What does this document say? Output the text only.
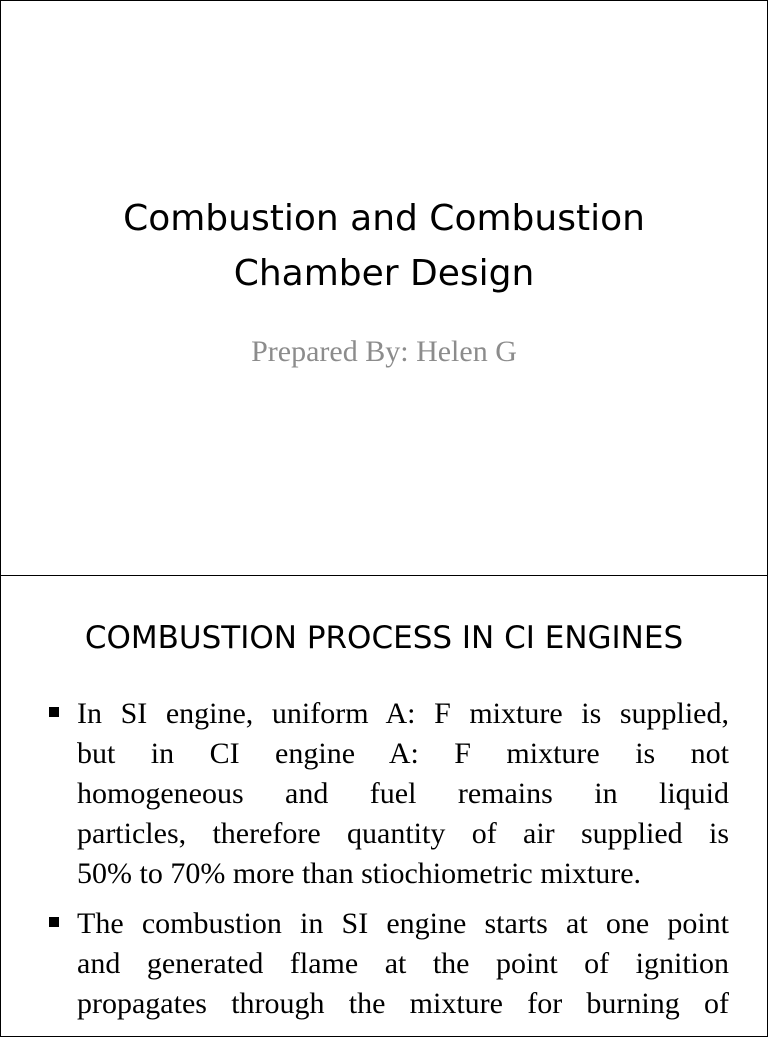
Combustion and Combustion
Chamber Design
Prepared By: Helen G
COMBUSTION PROCESS IN CI ENGINES
In SI engine, uniform A: F mixture is supplied,
but in CI engine A: F mixture is not
homogeneous and fuel remains in liquid
particles, therefore quantity of air supplied is
50% to 70% more than stiochiometric mixture.
The combustion in SI engine starts at one point
and generated flame at the point of ignition
propagates through the mixture for burning of
